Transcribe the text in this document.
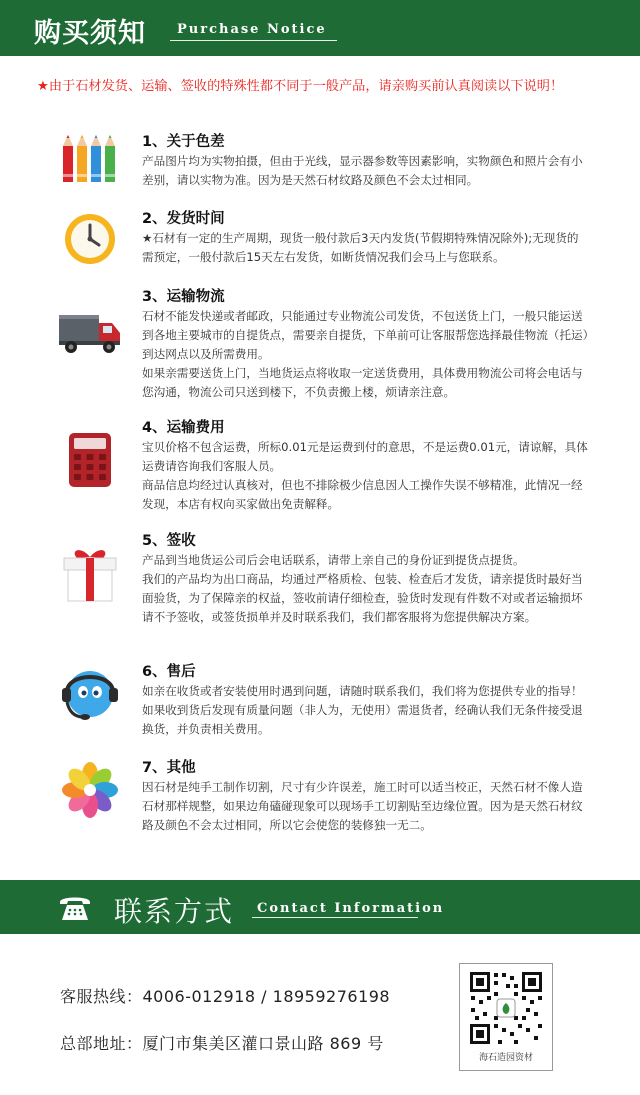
购买须知 Purchase Notice
★由于石材发货、运输、签收的特殊性都不同于一般产品，请亲购买前认真阅读以下说明！
1、关于色差

产品图片均为实物拍摄，但由于光线，显示器参数等因素影响，实物颜色和照片会有小差别，请以实物为准。因为是天然石材纹路及颜色不会太过相同。

2、发货时间

★石材有一定的生产周期，现货一般付款后3天内发货(节假期特殊情况除外);无现货的需预定，一般付款后15天左右发货，如断货情况我们会马上与您联系。

3、运输物流

石材不能发快递或者邮政，只能通过专业物流公司发货，不包送货上门，一般只能运送到各地主要城市的自提货点，需要亲自提货，下单前可让客服帮您选择最佳物流（托运）到达网点以及所需费用。

如果亲需要送货上门，当地货运点将收取一定送货费用，具体费用物流公司将会电话与您沟通，物流公司只送到楼下，不负责搬上楼，烦请亲注意。

4、运输费用

宝贝价格不包含运费，所标0.01元是运费到付的意思，不是运费0.01元，请谅解，具体运费请咨询我们客服人员。

商品信息均经过认真核对，但也不排除极少信息因人工操作失误不够精准，此情况一经发现，本店有权向买家做出免责解释。

5、签收

产品到当地货运公司后会电话联系，请带上亲自己的身份证到提货点提货。

我们的产品均为出口商品，均通过严格质检、包装、检查后才发货，请亲提货时最好当面验货，为了保障亲的权益，签收前请仔细检查，验货时发现有件数不对或者运输损坏请不予签收，或签货损单并及时联系我们，我们都客服将为您提供解决方案。

6、售后

如亲在收货或者安装使用时遇到问题，请随时联系我们，我们将为您提供专业的指导！如果收到货后发现有质量问题（非人为，无使用）需退货者，经确认我们无条件接受退换货，并负责相关费用。

7、其他

因石材是纯手工制作切割，尺寸有少许误差，施工时可以适当校正，天然石材不像人造石材那样规整，如果边角磕碰现象可以现场手工切割贴至边缘位置。因为是天然石材纹路及颜色不会太过相同，所以它会使您的装修独一无二。

联系方式 Contact Information
客服热线：4006-012918 / 18959276198
总部地址：厦门市集美区灌口景山路 869 号
海石造园资材
